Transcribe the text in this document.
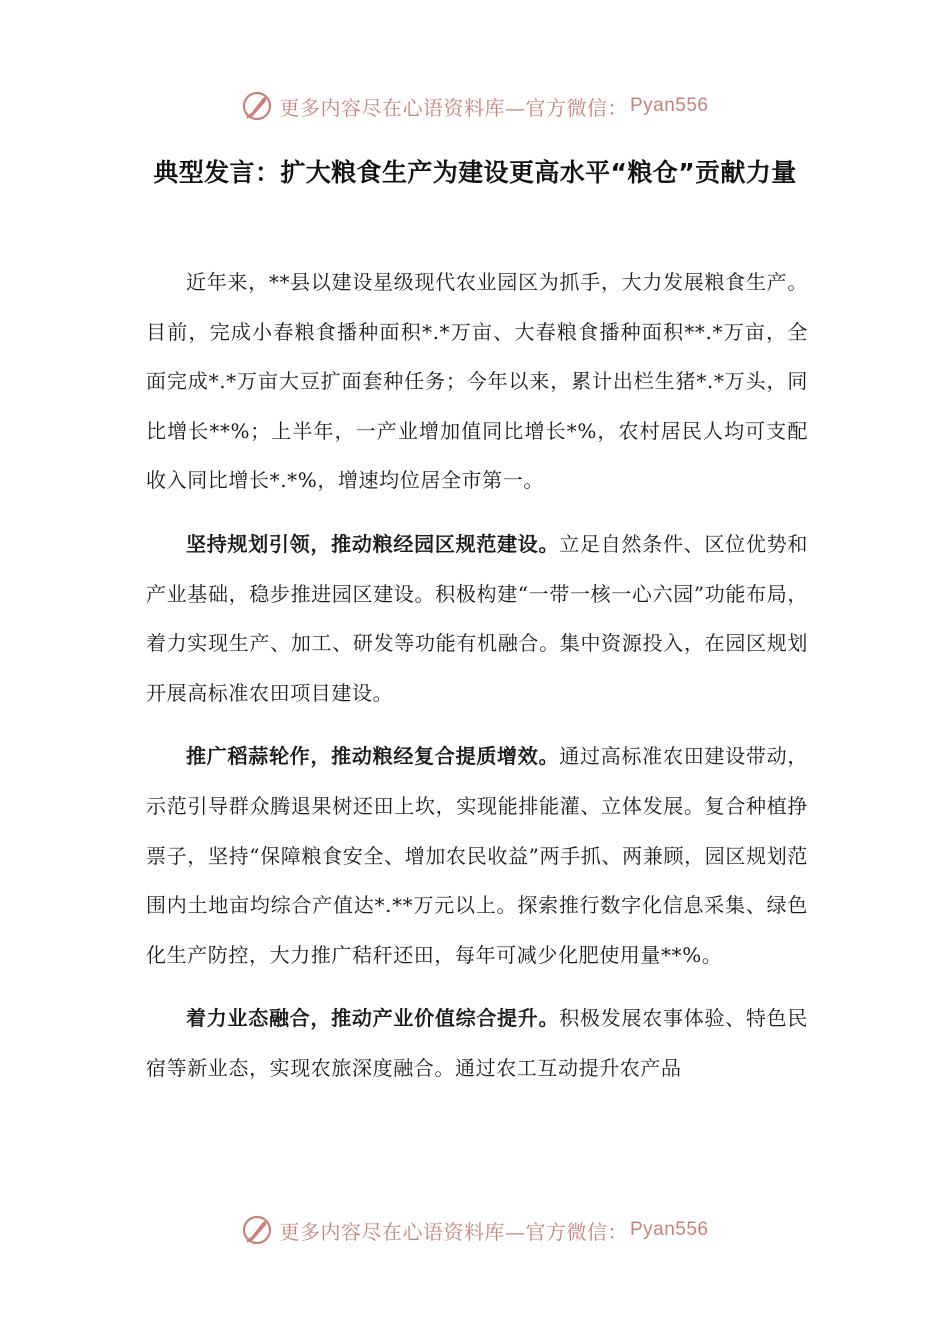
更多内容尽在心语资料库—官方微信： Pyan556
典型发言：扩大粮食生产为建设更高水平“粮仓”贡献力量

近年来，**县以建设星级现代农业园区为抓手，大力发展粮食生产。目前，完成小春粮食播种面积*.*万亩、大春粮食播种面积**.*万亩，全面完成*.*万亩大豆扩面套种任务；今年以来，累计出栏生猪*.*万头，同比增长**%；上半年，一产业增加值同比增长*%，农村居民人均可支配收入同比增长*.*%，增速均位居全市第一。

坚持规划引领，推动粮经园区规范建设。立足自然条件、区位优势和产业基础，稳步推进园区建设。积极构建“一带一核一心六园”功能布局，着力实现生产、加工、研发等功能有机融合。集中资源投入，在园区规划开展高标准农田项目建设。

推广稻蒜轮作，推动粮经复合提质增效。通过高标准农田建设带动，示范引导群众腾退果树还田上坎，实现能排能灌、立体发展。复合种植挣票子，坚持“保障粮食安全、增加农民收益”两手抓、两兼顾，园区规划范围内土地亩均综合产值达*.**万元以上。探索推行数字化信息采集、绿色化生产防控，大力推广秸秆还田，每年可减少化肥使用量**%。

着力业态融合，推动产业价值综合提升。积极发展农事体验、特色民宿等新业态，实现农旅深度融合。通过农工互动提升农产品

更多内容尽在心语资料库—官方微信： Pyan556
